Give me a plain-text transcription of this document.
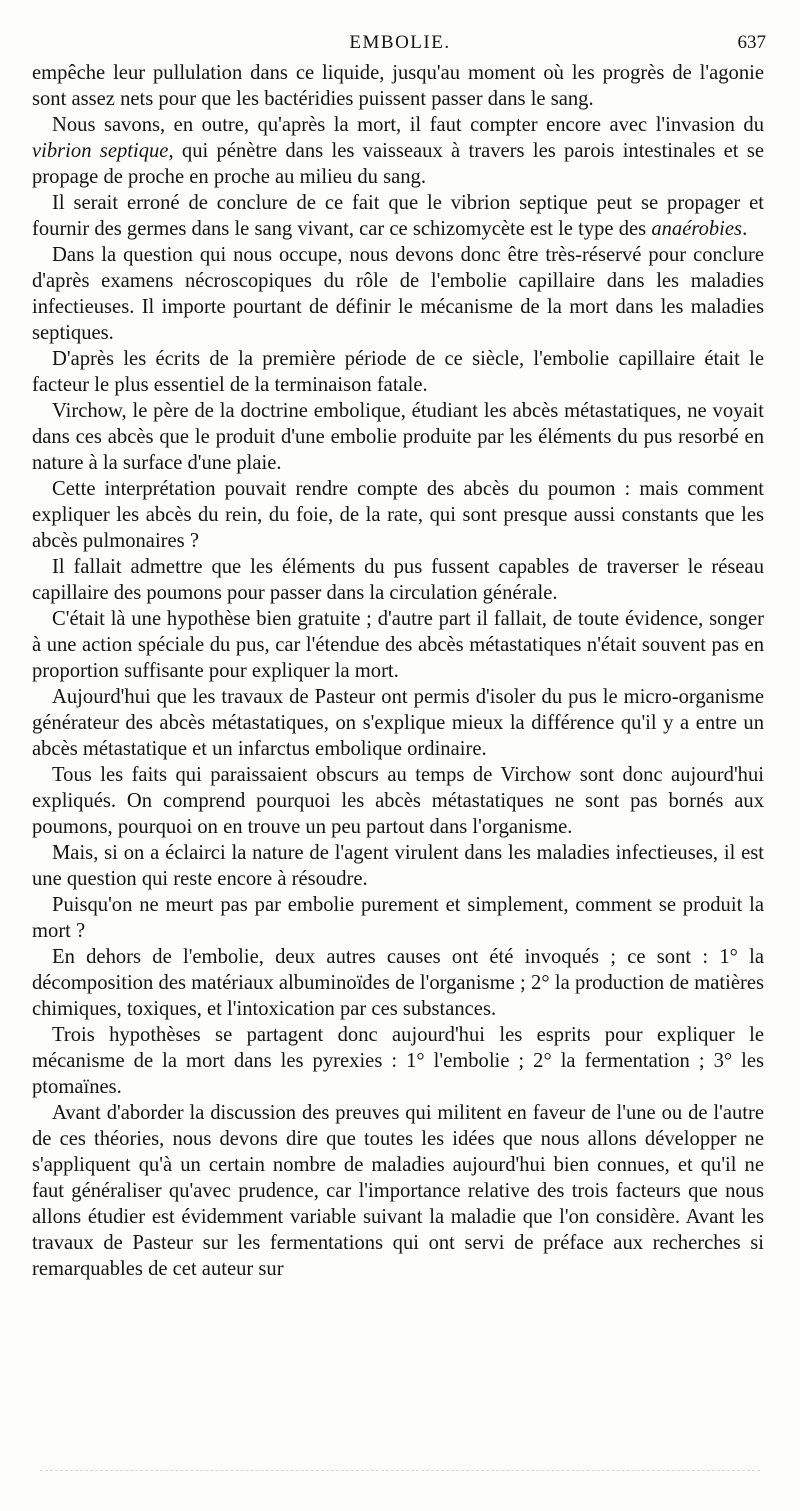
EMBOLIE.	637

empêche leur pullulation dans ce liquide, jusqu'au moment où les progrès de l'agonie sont assez nets pour que les bactéridies puissent passer dans le sang.

Nous savons, en outre, qu'après la mort, il faut compter encore avec l'invasion du vibrion septique, qui pénètre dans les vaisseaux à travers les parois intestinales et se propage de proche en proche au milieu du sang.

Il serait erroné de conclure de ce fait que le vibrion septique peut se propager et fournir des germes dans le sang vivant, car ce schizomycète est le type des anaérobies.

Dans la question qui nous occupe, nous devons donc être très-réservé pour conclure d'après examens nécroscopiques du rôle de l'embolie capillaire dans les maladies infectieuses. Il importe pourtant de définir le mécanisme de la mort dans les maladies septiques.

D'après les écrits de la première période de ce siècle, l'embolie capillaire était le facteur le plus essentiel de la terminaison fatale.

Virchow, le père de la doctrine embolique, étudiant les abcès métastatiques, ne voyait dans ces abcès que le produit d'une embolie produite par les éléments du pus resorbé en nature à la surface d'une plaie.

Cette interprétation pouvait rendre compte des abcès du poumon : mais comment expliquer les abcès du rein, du foie, de la rate, qui sont presque aussi constants que les abcès pulmonaires ?

Il fallait admettre que les éléments du pus fussent capables de traverser le réseau capillaire des poumons pour passer dans la circulation générale.

C'était là une hypothèse bien gratuite ; d'autre part il fallait, de toute évidence, songer à une action spéciale du pus, car l'étendue des abcès métastatiques n'était souvent pas en proportion suffisante pour expliquer la mort.

Aujourd'hui que les travaux de Pasteur ont permis d'isoler du pus le micro-organisme générateur des abcès métastatiques, on s'explique mieux la différence qu'il y a entre un abcès métastatique et un infarctus embolique ordinaire.

Tous les faits qui paraissaient obscurs au temps de Virchow sont donc aujourd'hui expliqués. On comprend pourquoi les abcès métastatiques ne sont pas bornés aux poumons, pourquoi on en trouve un peu partout dans l'organisme.

Mais, si on a éclairci la nature de l'agent virulent dans les maladies infectieuses, il est une question qui reste encore à résoudre.

Puisqu'on ne meurt pas par embolie purement et simplement, comment se produit la mort ?

En dehors de l'embolie, deux autres causes ont été invoqués ; ce sont : 1° la décomposition des matériaux albuminoïdes de l'organisme ; 2° la production de matières chimiques, toxiques, et l'intoxication par ces substances.

Trois hypothèses se partagent donc aujourd'hui les esprits pour expliquer le mécanisme de la mort dans les pyrexies : 1° l'embolie ; 2° la fermentation ; 3° les ptomaïnes.

Avant d'aborder la discussion des preuves qui militent en faveur de l'une ou de l'autre de ces théories, nous devons dire que toutes les idées que nous allons développer ne s'appliquent qu'à un certain nombre de maladies aujourd'hui bien connues, et qu'il ne faut généraliser qu'avec prudence, car l'importance relative des trois facteurs que nous allons étudier est évidemment variable suivant la maladie que l'on considère. Avant les travaux de Pasteur sur les fermentations qui ont servi de préface aux recherches si remarquables de cet auteur sur
